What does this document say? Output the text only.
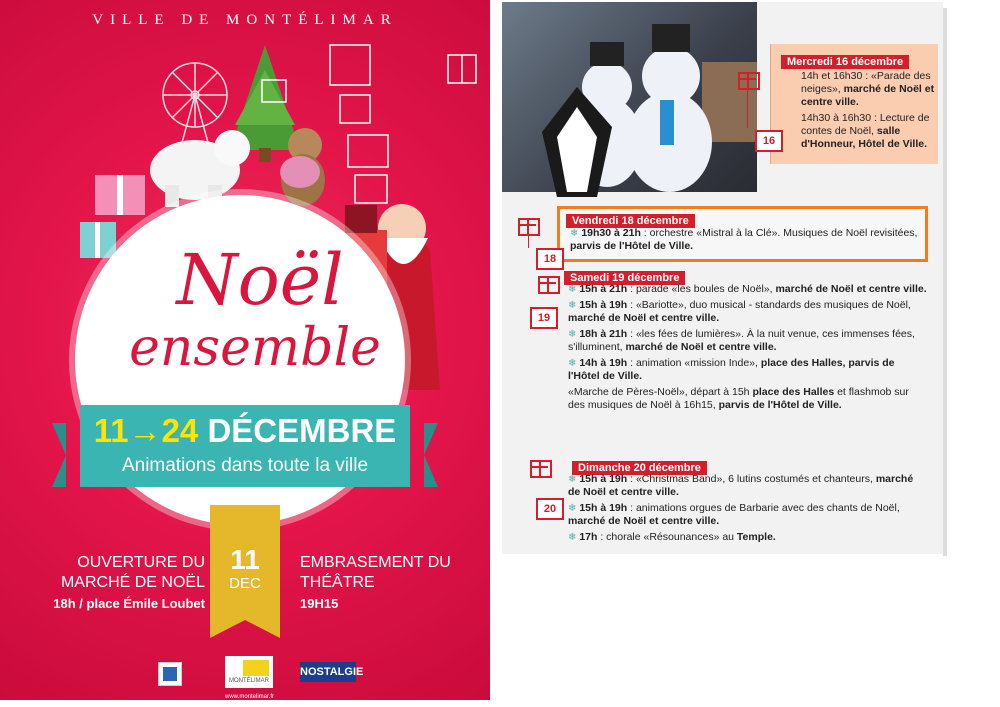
VILLE DE MONTÉLIMAR
Noël
ensemble
11→24 DÉCEMBRE
Animations dans toute la ville
11
DEC
OUVERTURE DU MARCHÉ DE NOËL
18h / place Émile Loubet
EMBRASEMENT DU THÉÂTRE
19H15
MONTÉLIMAR
www.montelimar.fr
NOSTALGIE
Mercredi 16 décembre
14h et 16h30 : «Parade des neiges», marché de Noël et centre ville.
14h30 à 16h30 : Lecture de contes de Noël, salle d'Honneur, Hôtel de Ville.
16
Vendredi 18 décembre
❄ 19h30 à 21h : orchestre «Mistral à la Clé». Musiques de Noël revisitées, parvis de l'Hôtel de Ville.
18
Samedi 19 décembre
19
❄ 15h à 21h : parade «les boules de Noël», marché de Noël et centre ville.
❄ 15h à 19h : «Bariotte», duo musical - standards des musiques de Noël, marché de Noël et centre ville.
❄ 18h à 21h : «les fées de lumières». À la nuit venue, ces immenses fées, s'illuminent, marché de Noël et centre ville.
❄ 14h à 19h : animation «mission Inde», place des Halles, parvis de l'Hôtel de Ville.
«Marche de Pères-Noël», départ à 15h place des Halles et flashmob sur des musiques de Noël à 16h15, parvis de l'Hôtel de Ville.
Dimanche 20 décembre
20
❄ 15h à 19h : «Christmas Band», 6 lutins costumés et chanteurs, marché de Noël et centre ville.
❄ 15h à 19h : animations orgues de Barbarie avec des chants de Noël, marché de Noël et centre ville.
❄ 17h : chorale «Résounances» au Temple.
